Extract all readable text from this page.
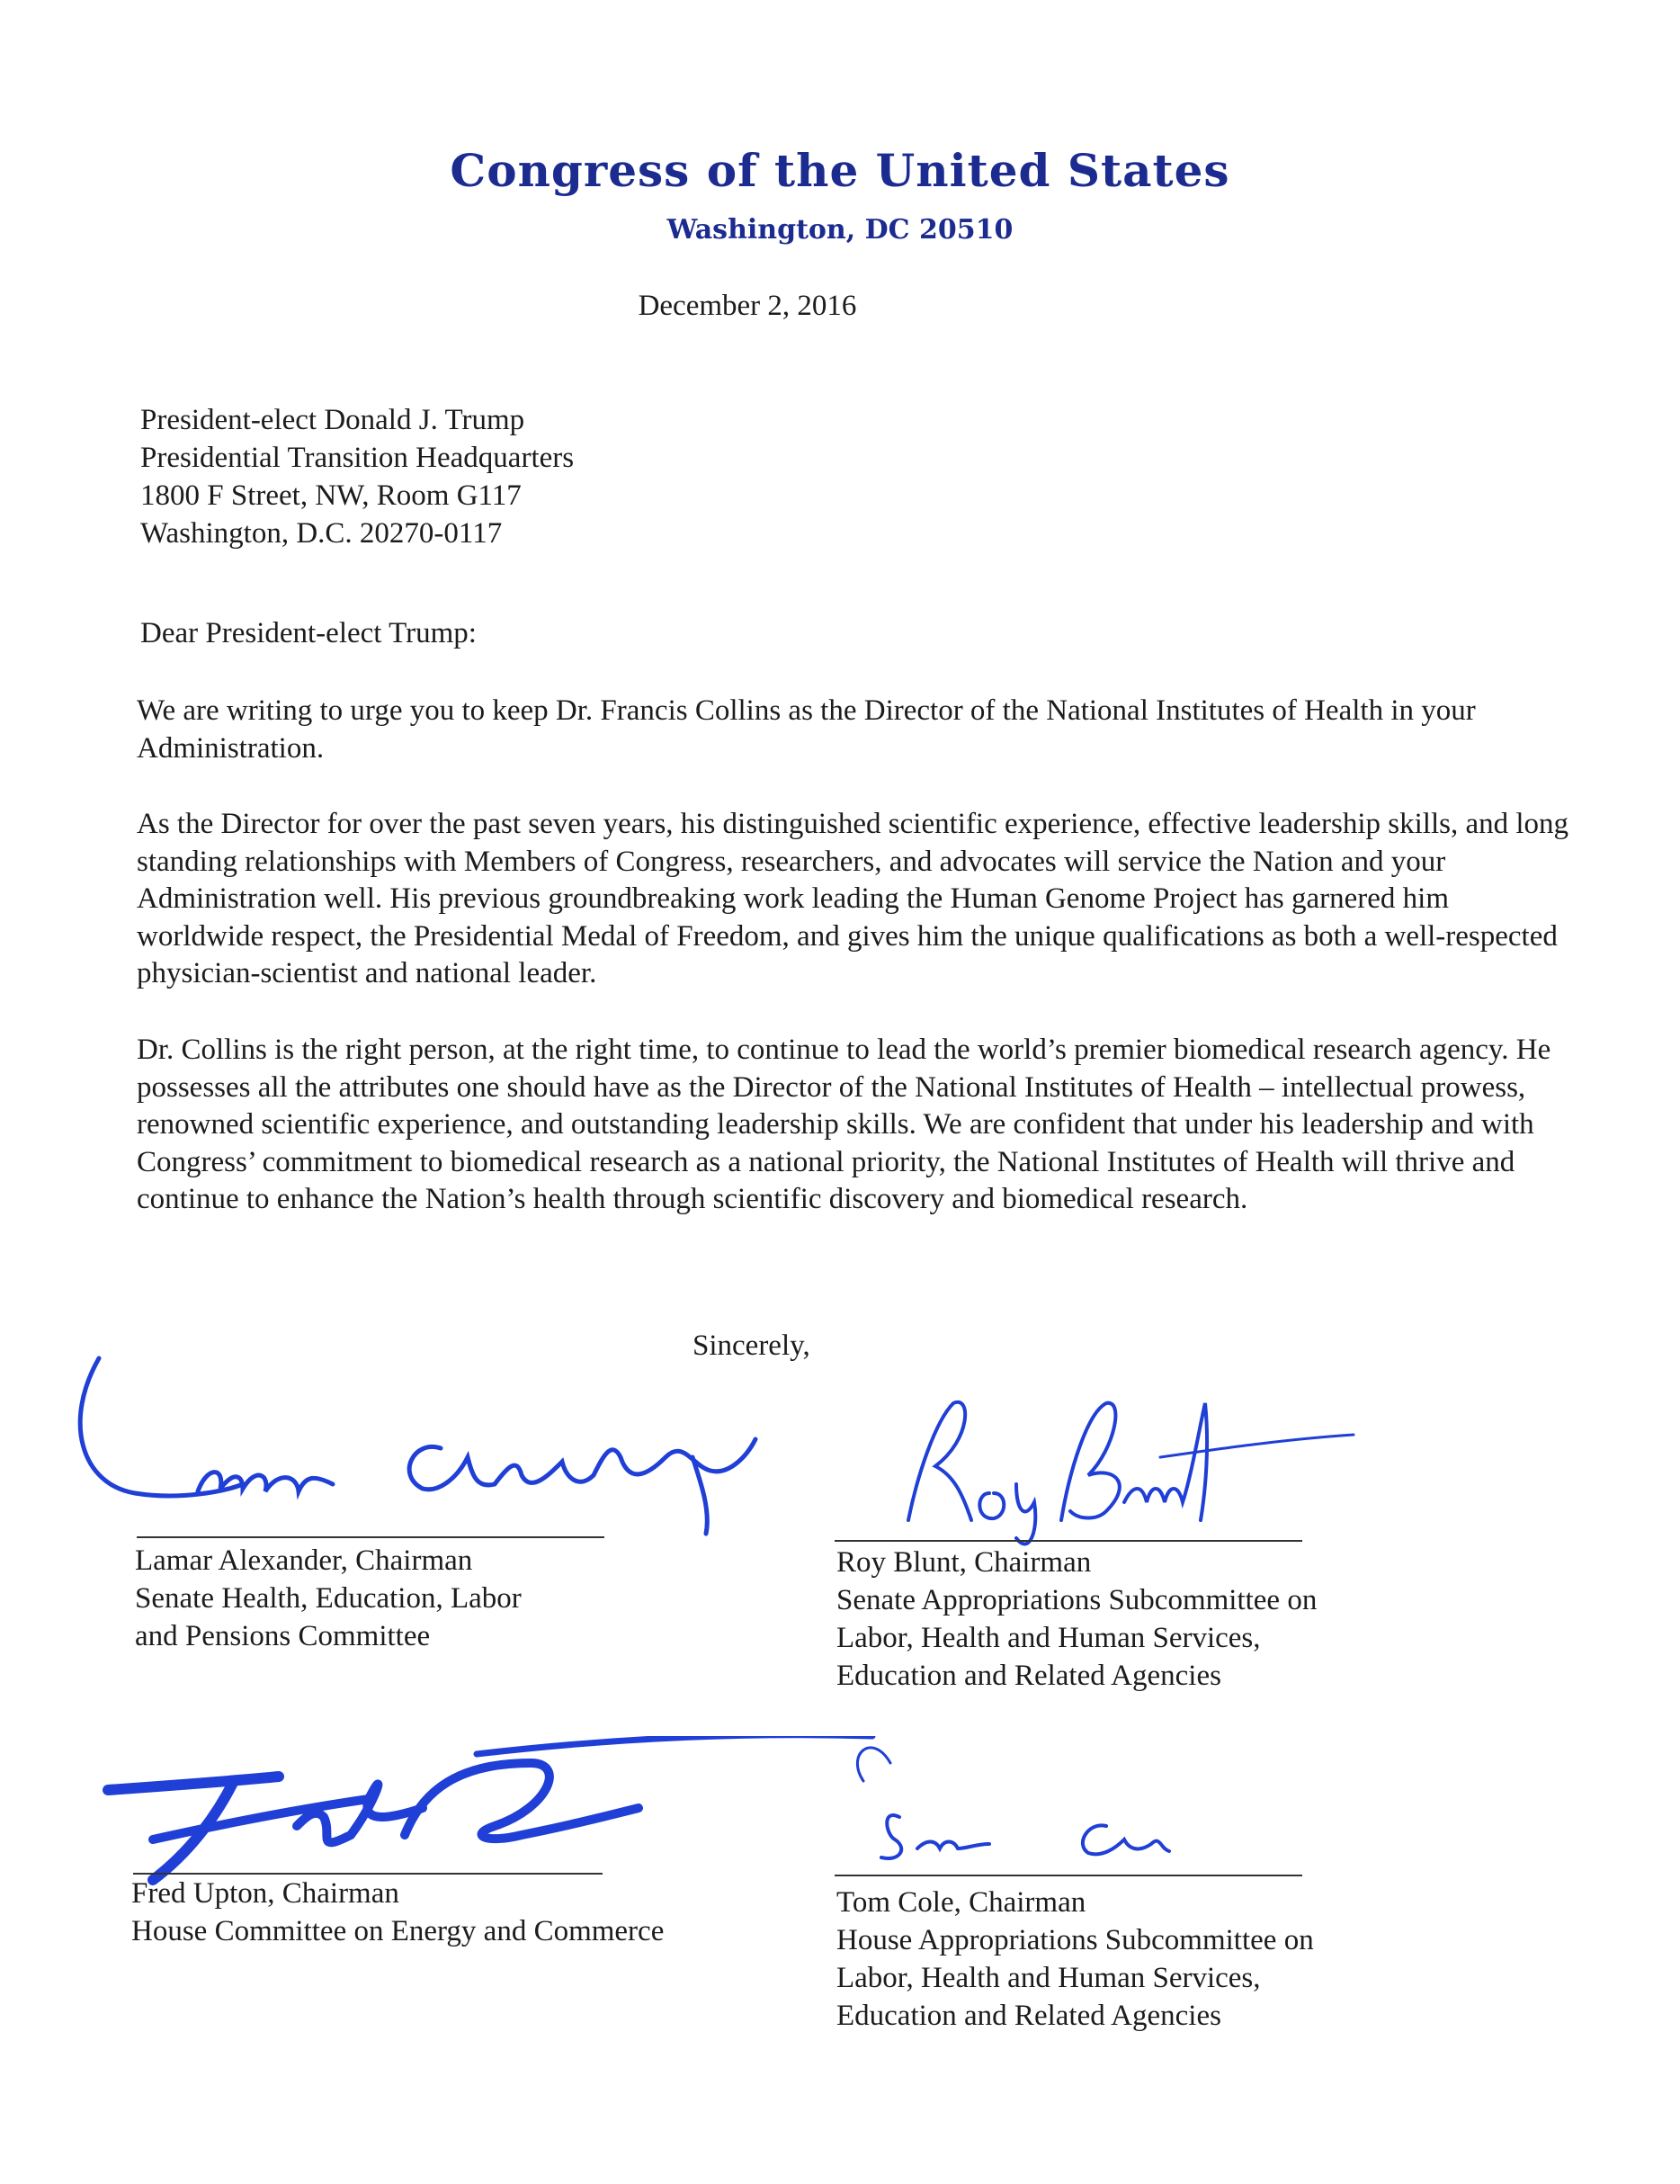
Congress of the United States
Washington, DC 20510
December 2, 2016
President-elect Donald J. Trump
Presidential Transition Headquarters
1800 F Street, NW, Room G117
Washington, D.C. 20270-0117
Dear President-elect Trump:
We are writing to urge you to keep Dr. Francis Collins as the Director of the National Institutes of Health in your Administration.
As the Director for over the past seven years, his distinguished scientific experience, effective leadership skills, and long standing relationships with Members of Congress, researchers, and advocates will service the Nation and your Administration well. His previous groundbreaking work leading the Human Genome Project has garnered him worldwide respect, the Presidential Medal of Freedom, and gives him the unique qualifications as both a well-respected physician-scientist and national leader.
Dr. Collins is the right person, at the right time, to continue to lead the world’s premier biomedical research agency. He possesses all the attributes one should have as the Director of the National Institutes of Health – intellectual prowess, renowned scientific experience, and outstanding leadership skills. We are confident that under his leadership and with Congress’ commitment to biomedical research as a national priority, the National Institutes of Health will thrive and continue to enhance the Nation’s health through scientific discovery and biomedical research.
Sincerely,
Lamar Alexander, Chairman
Senate Health, Education, Labor
and Pensions Committee
Roy Blunt, Chairman
Senate Appropriations Subcommittee on
Labor, Health and Human Services,
Education and Related Agencies
Fred Upton, Chairman
House Committee on Energy and Commerce
Tom Cole, Chairman
House Appropriations Subcommittee on
Labor, Health and Human Services,
Education and Related Agencies
